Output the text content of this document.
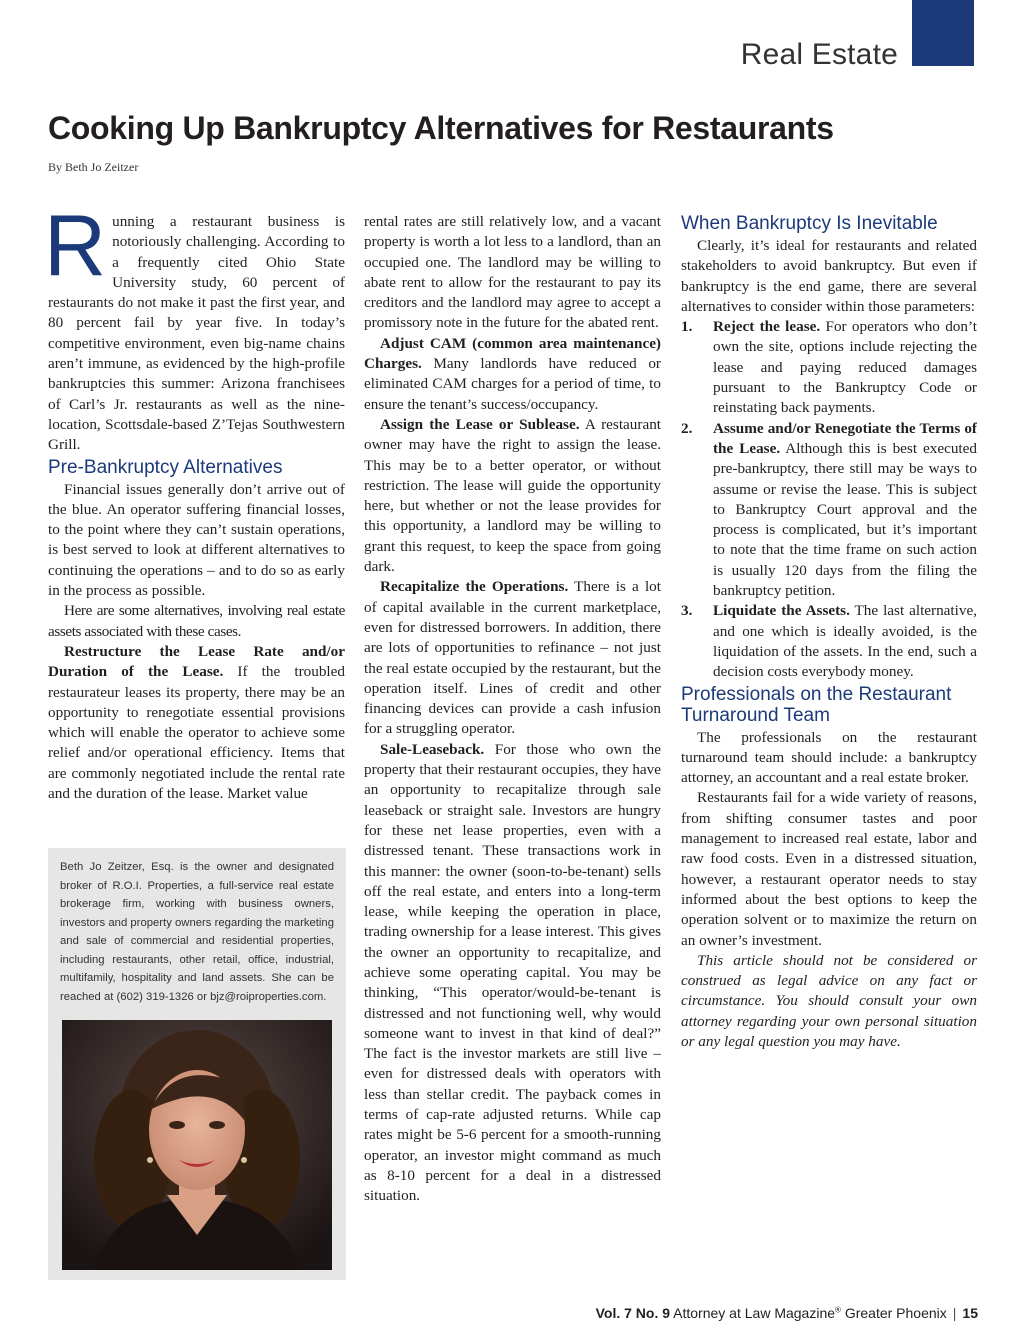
Real Estate
Cooking Up Bankruptcy Alternatives for Restaurants
By Beth Jo Zeitzer

Running a restaurant business is notoriously challenging. According to a frequently cited Ohio State University study, 60 percent of restaurants do not make it past the first year, and 80 percent fail by year five. In today’s competitive environment, even big-name chains aren’t immune, as evidenced by the high-profile bankruptcies this summer: Arizona franchisees of Carl’s Jr. restaurants as well as the nine-location, Scottsdale-based Z’Tejas Southwestern Grill.

Pre-Bankruptcy Alternatives

Financial issues generally don’t arrive out of the blue. An operator suffering financial losses, to the point where they can’t sustain operations, is best served to look at different alternatives to continuing the operations – and to do so as early in the process as possible.

Here are some alternatives, involving real estate assets associated with these cases.

Restructure the Lease Rate and/or Duration of the Lease. If the troubled restaurateur leases its property, there may be an opportunity to renegotiate essential provisions which will enable the operator to achieve some relief and/or operational efficiency. Items that are commonly negotiated include the rental rate and the duration of the lease. Market value

Beth Jo Zeitzer, Esq. is the owner and designated broker of R.O.I. Properties, a full-service real estate brokerage firm, working with business owners, investors and property owners regarding the marketing and sale of commercial and residential properties, including restaurants, other retail, office, industrial, multifamily, hospitality and land assets. She can be reached at (602) 319-1326 or bjz@roiproperties.com.

rental rates are still relatively low, and a vacant property is worth a lot less to a landlord, than an occupied one. The landlord may be willing to abate rent to allow for the restaurant to pay its creditors and the landlord may agree to accept a promissory note in the future for the abated rent.

Adjust CAM (common area maintenance) Charges. Many landlords have reduced or eliminated CAM charges for a period of time, to ensure the tenant’s success/occupancy.

Assign the Lease or Sublease. A restaurant owner may have the right to assign the lease. This may be to a better operator, or without restriction. The lease will guide the opportunity here, but whether or not the lease provides for this opportunity, a landlord may be willing to grant this request, to keep the space from going dark.

Recapitalize the Operations. There is a lot of capital available in the current marketplace, even for distressed borrowers. In addition, there are lots of opportunities to refinance – not just the real estate occupied by the restaurant, but the operation itself. Lines of credit and other financing devices can provide a cash infusion for a struggling operator.

Sale-Leaseback. For those who own the property that their restaurant occupies, they have an opportunity to recapitalize through sale leaseback or straight sale. Investors are hungry for these net lease properties, even with a distressed tenant. These transactions work in this manner: the owner (soon-to-be-tenant) sells off the real estate, and enters into a long-term lease, while keeping the operation in place, trading ownership for a lease interest. This gives the owner an opportunity to recapitalize, and achieve some operating capital. You may be thinking, “This operator/would-be-tenant is distressed and not functioning well, why would someone want to invest in that kind of deal?” The fact is the investor markets are still live – even for distressed deals with operators with less than stellar credit. The payback comes in terms of cap-rate adjusted returns. While cap rates might be 5-6 percent for a smooth-running operator, an investor might command as much as 8-10 percent for a deal in a distressed situation.

When Bankruptcy Is Inevitable

Clearly, it’s ideal for restaurants and related stakeholders to avoid bankruptcy. But even if bankruptcy is the end game, there are several alternatives to consider within those parameters:

1. Reject the lease. For operators who don’t own the site, options include rejecting the lease and paying reduced damages pursuant to the Bankruptcy Code or reinstating back payments.
2. Assume and/or Renegotiate the Terms of the Lease. Although this is best executed pre-bankruptcy, there still may be ways to assume or revise the lease. This is subject to Bankruptcy Court approval and the process is complicated, but it’s important to note that the time frame on such action is usually 120 days from the filing the bankruptcy petition.
3. Liquidate the Assets. The last alternative, and one which is ideally avoided, is the liquidation of the assets. In the end, such a decision costs everybody money.
Professionals on the Restaurant Turnaround Team

The professionals on the restaurant turnaround team should include: a bankruptcy attorney, an accountant and a real estate broker.

Restaurants fail for a wide variety of reasons, from shifting consumer tastes and poor management to increased real estate, labor and raw food costs. Even in a distressed situation, however, a restaurant operator needs to stay informed about the best options to keep the operation solvent or to maximize the return on an owner’s investment.

This article should not be considered or construed as legal advice on any fact or circumstance. You should consult your own attorney regarding your own personal situation or any legal question you may have.

Vol. 7 No. 9 Attorney at Law Magazine® Greater Phoenix | 15
